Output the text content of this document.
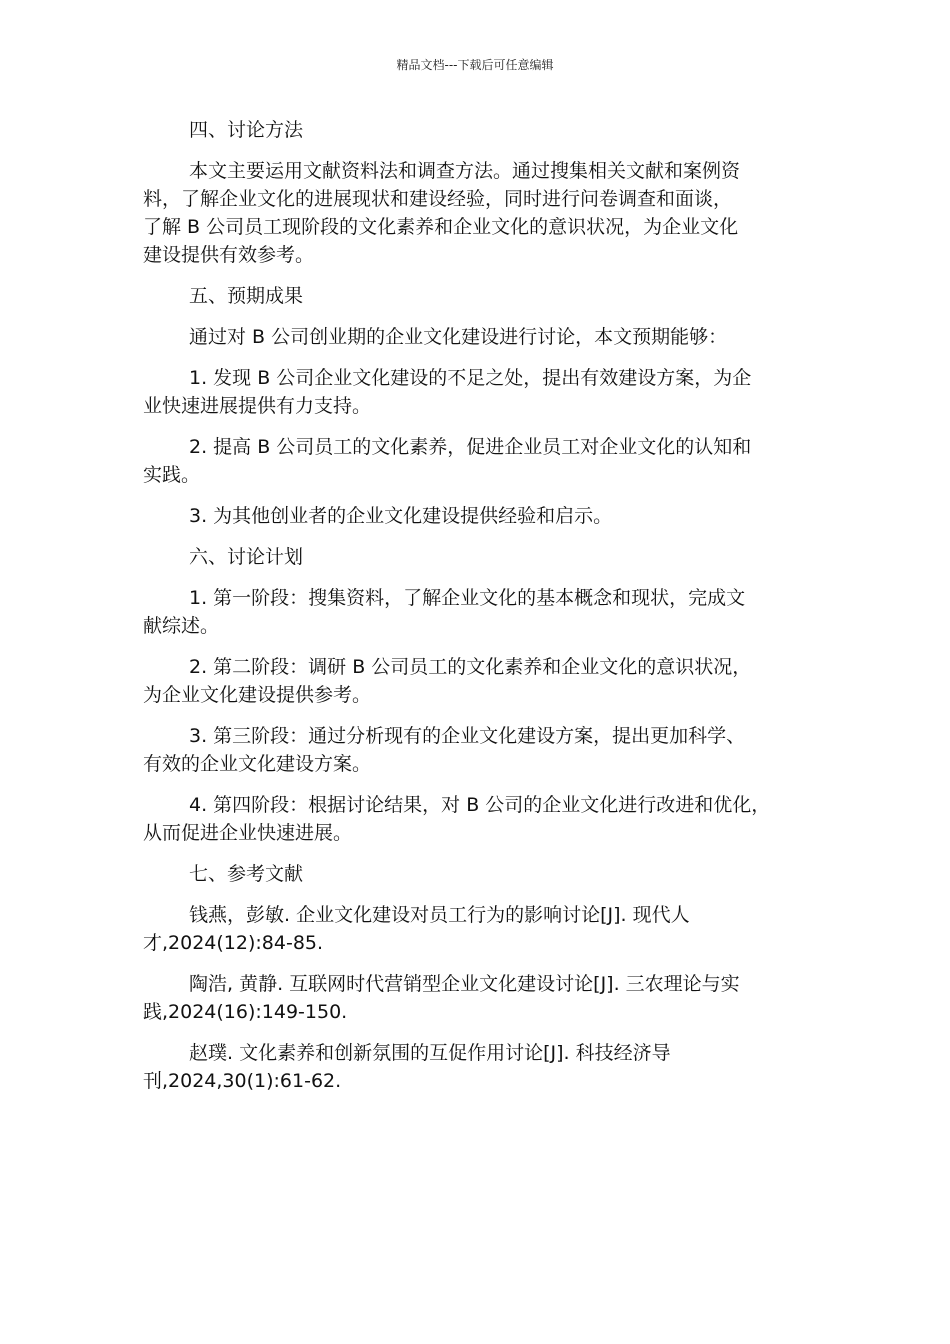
精品文档---下载后可任意编辑
四、讨论方法
本文主要运用文献资料法和调查方法。通过搜集相关文献和案例资
料，了解企业文化的进展现状和建设经验，同时进行问卷调查和面谈，
了解 B 公司员工现阶段的文化素养和企业文化的意识状况，为企业文化
建设提供有效参考。
五、预期成果
通过对 B 公司创业期的企业文化建设进行讨论，本文预期能够：
1. 发现 B 公司企业文化建设的不足之处，提出有效建设方案，为企
业快速进展提供有力支持。
2. 提高 B 公司员工的文化素养，促进企业员工对企业文化的认知和
实践。
3. 为其他创业者的企业文化建设提供经验和启示。
六、讨论计划
1. 第一阶段：搜集资料，了解企业文化的基本概念和现状，完成文
献综述。
2. 第二阶段：调研 B 公司员工的文化素养和企业文化的意识状况，
为企业文化建设提供参考。
3. 第三阶段：通过分析现有的企业文化建设方案，提出更加科学、
有效的企业文化建设方案。
4. 第四阶段：根据讨论结果，对 B 公司的企业文化进行改进和优化，
从而促进企业快速进展。
七、参考文献
钱燕，彭敏. 企业文化建设对员工行为的影响讨论[J]. 现代人
才,2024(12):84-85.
陶浩, 黄静. 互联网时代营销型企业文化建设讨论[J]. 三农理论与实
践,2024(16):149-150.
赵璞. 文化素养和创新氛围的互促作用讨论[J]. 科技经济导
刊,2024,30(1):61-62.
